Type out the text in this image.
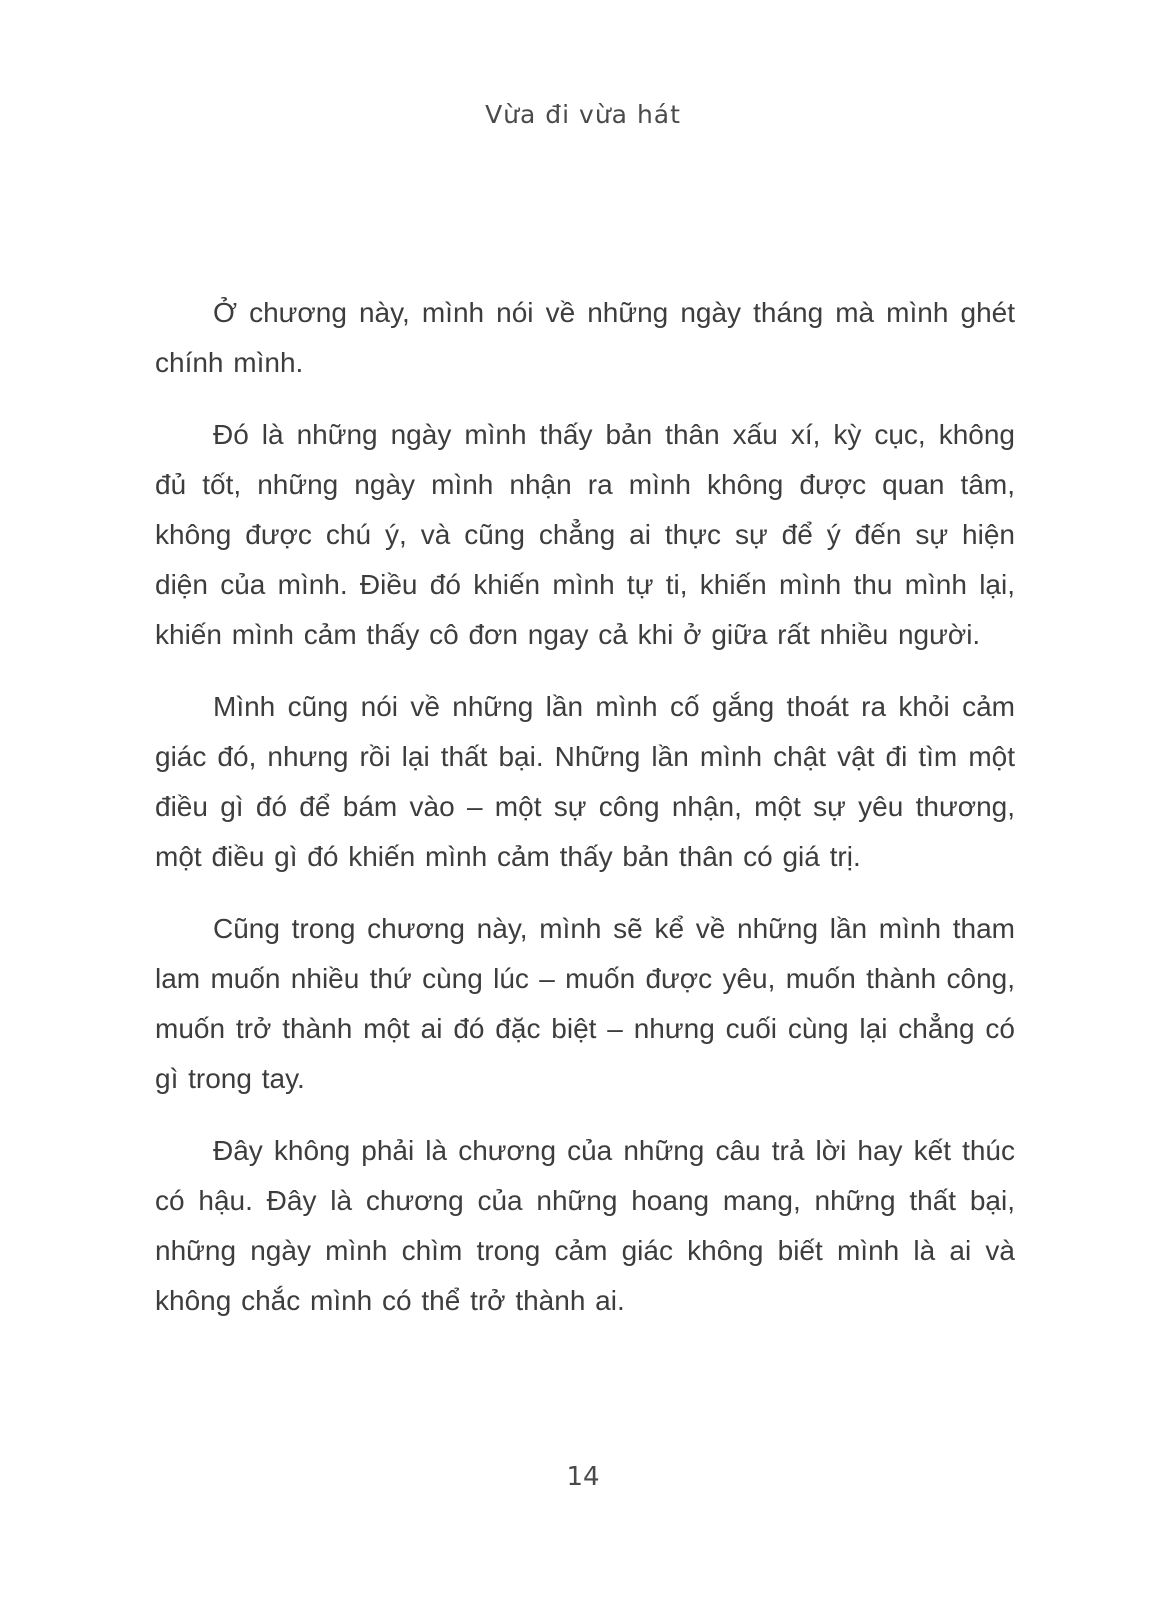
Vừa đi vừa hát

Ở chương này, mình nói về những ngày tháng mà mình ghét chính mình.

Đó là những ngày mình thấy bản thân xấu xí, kỳ cục, không đủ tốt, những ngày mình nhận ra mình không được quan tâm, không được chú ý, và cũng chẳng ai thực sự để ý đến sự hiện diện của mình. Điều đó khiến mình tự ti, khiến mình thu mình lại, khiến mình cảm thấy cô đơn ngay cả khi ở giữa rất nhiều người.

Mình cũng nói về những lần mình cố gắng thoát ra khỏi cảm giác đó, nhưng rồi lại thất bại. Những lần mình chật vật đi tìm một điều gì đó để bám vào – một sự công nhận, một sự yêu thương, một điều gì đó khiến mình cảm thấy bản thân có giá trị.

Cũng trong chương này, mình sẽ kể về những lần mình tham lam muốn nhiều thứ cùng lúc – muốn được yêu, muốn thành công, muốn trở thành một ai đó đặc biệt – nhưng cuối cùng lại chẳng có gì trong tay.

Đây không phải là chương của những câu trả lời hay kết thúc có hậu. Đây là chương của những hoang mang, những thất bại, những ngày mình chìm trong cảm giác không biết mình là ai và không chắc mình có thể trở thành ai.

14
